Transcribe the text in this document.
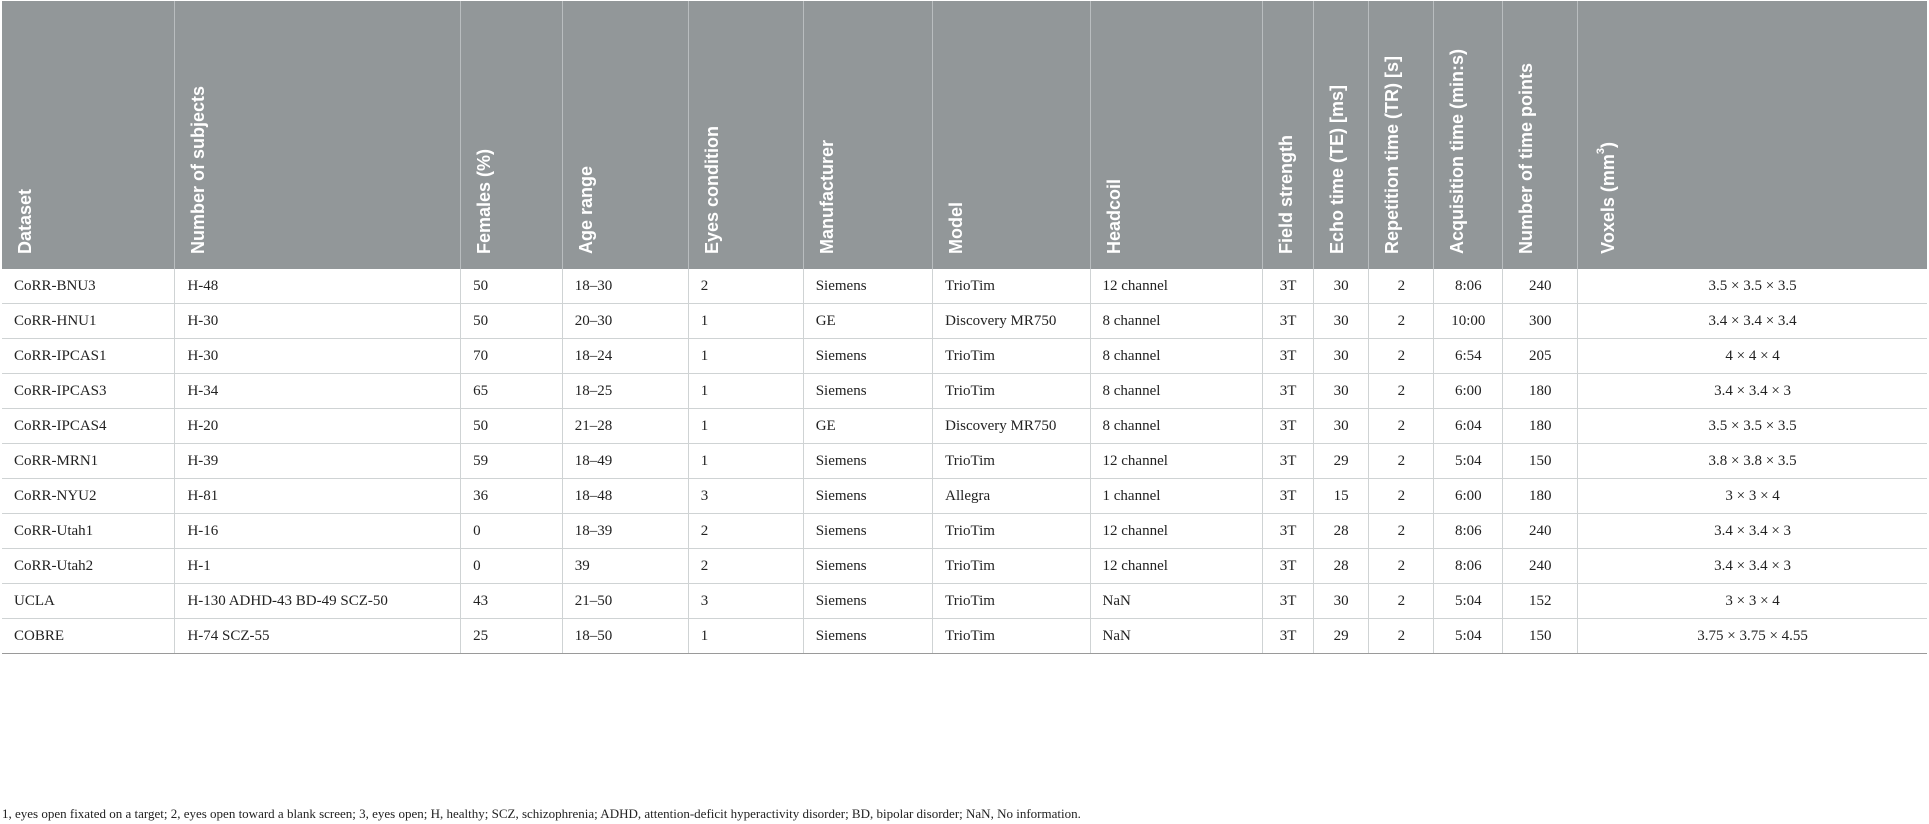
Dataset	Number of subjects	Females (%)	Age range	Eyes condition	Manufacturer	Model	Headcoil	Field strength	Echo time (TE) [ms]	Repetition time (TR) [s]	Acquisition time (min:s)	Number of time points	Voxels $(mm^3)$
CoRR-BNU3	H-48	50	18–30	2	Siemens	TrioTim	12 channel	3T	30	2	8:06	240	3.5 × 3.5 × 3.5
CoRR-HNU1	H-30	50	20–30	1	GE	Discovery MR750	8 channel	3T	30	2	10:00	300	3.4 × 3.4 × 3.4
CoRR-IPCAS1	H-30	70	18–24	1	Siemens	TrioTim	8 channel	3T	30	2	6:54	205	4 × 4 × 4
CoRR-IPCAS3	H-34	65	18–25	1	Siemens	TrioTim	8 channel	3T	30	2	6:00	180	3.4 × 3.4 × 3
CoRR-IPCAS4	H-20	50	21–28	1	GE	Discovery MR750	8 channel	3T	30	2	6:04	180	3.5 × 3.5 × 3.5
CoRR-MRN1	H-39	59	18–49	1	Siemens	TrioTim	12 channel	3T	29	2	5:04	150	3.8 × 3.8 × 3.5
CoRR-NYU2	H-81	36	18–48	3	Siemens	Allegra	1 channel	3T	15	2	6:00	180	3 × 3 × 4
CoRR-Utah1	H-16	0	18–39	2	Siemens	TrioTim	12 channel	3T	28	2	8:06	240	3.4 × 3.4 × 3
CoRR-Utah2	H-1	0	39	2	Siemens	TrioTim	12 channel	3T	28	2	8:06	240	3.4 × 3.4 × 3
UCLA	H-130 ADHD-43 BD-49 SCZ-50	43	21–50	3	Siemens	TrioTim	NaN	3T	30	2	5:04	152	3 × 3 × 4
COBRE	H-74 SCZ-55	25	18–50	1	Siemens	TrioTim	NaN	3T	29	2	5:04	150	3.75 × 3.75 × 4.55
1, eyes open fixated on a target; 2, eyes open toward a blank screen; 3, eyes open; H, healthy; SCZ, schizophrenia; ADHD, attention-deficit hyperactivity disorder; BD, bipolar disorder; NaN, No information.
